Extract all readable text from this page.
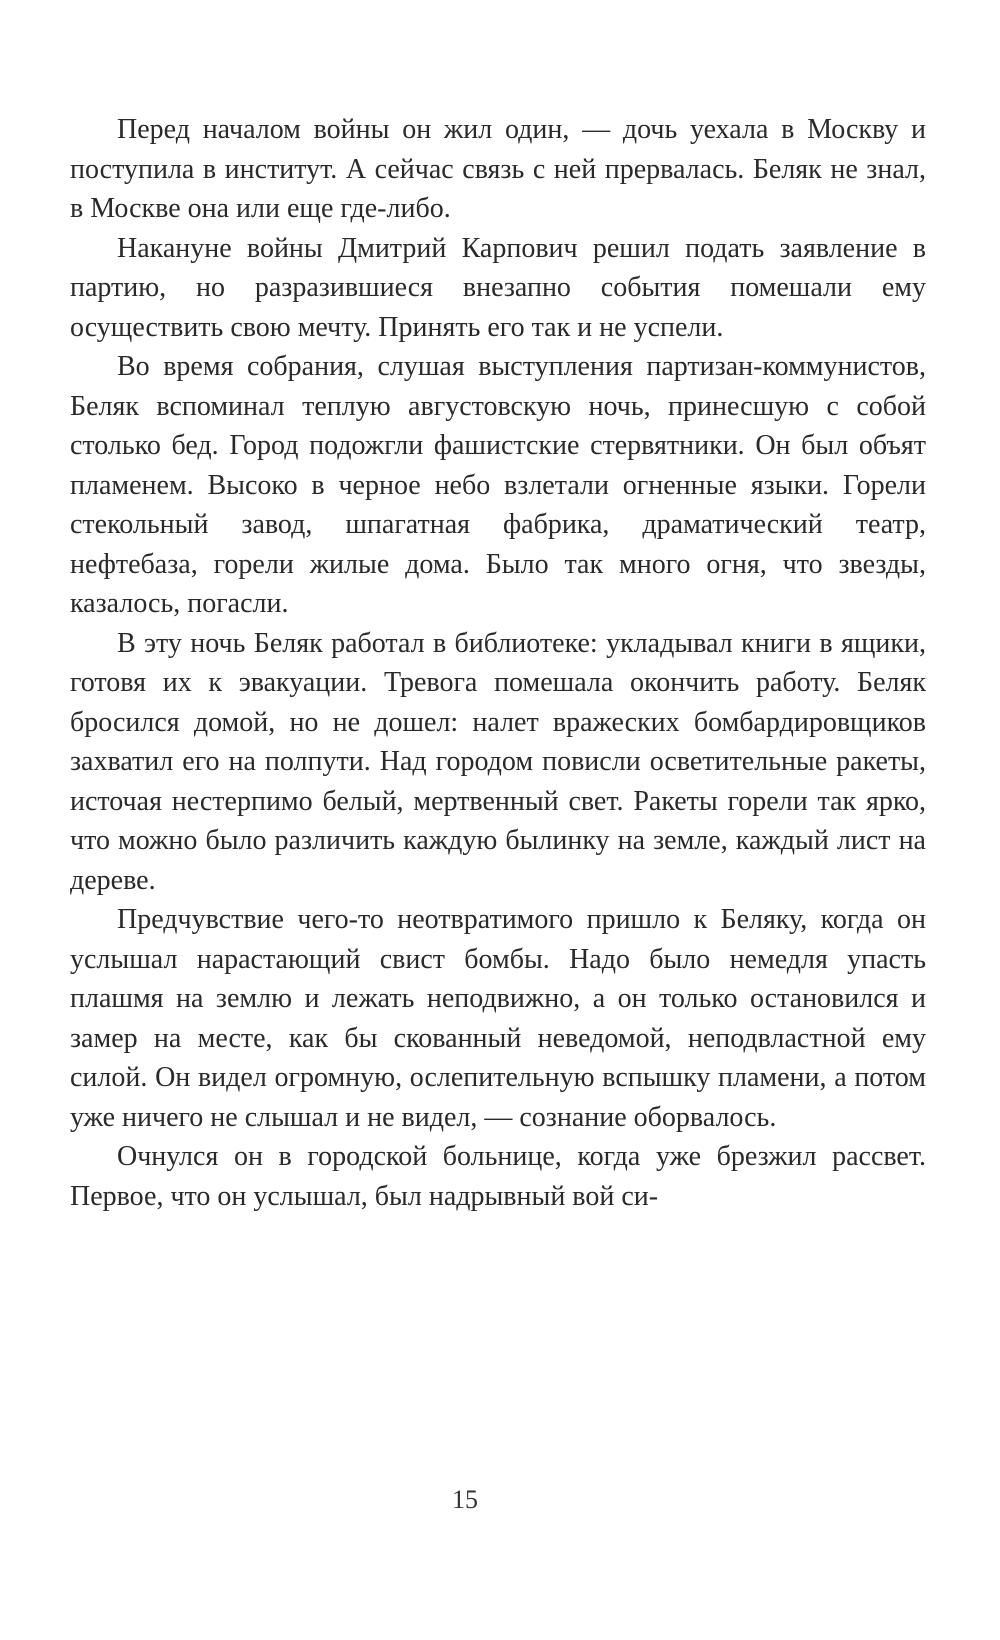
Перед началом войны он жил один, — дочь уехала в Москву и поступила в институт. А сейчас связь с ней прервалась. Беляк не знал, в Москве она или еще где-либо.

Накануне войны Дмитрий Карпович решил подать заявление в партию, но разразившиеся внезапно события помешали ему осуществить свою мечту. Принять его так и не успели.

Во время собрания, слушая выступления партизан-коммунистов, Беляк вспоминал теплую августовскую ночь, принесшую с собой столько бед. Город подожгли фашистские стервятники. Он был объят пламенем. Высоко в черное небо взлетали огненные языки. Горели стекольный завод, шпагатная фабрика, драматический театр, нефтебаза, горели жилые дома. Было так много огня, что звезды, казалось, погасли.

В эту ночь Беляк работал в библиотеке: укладывал книги в ящики, готовя их к эвакуации. Тревога помешала окончить работу. Беляк бросился домой, но не дошел: налет вражеских бомбардировщиков захватил его на полпути. Над городом повисли осветительные ракеты, источая нестерпимо белый, мертвенный свет. Ракеты горели так ярко, что можно было различить каждую былинку на земле, каждый лист на дереве.

Предчувствие чего-то неотвратимого пришло к Беляку, когда он услышал нарастающий свист бомбы. Надо было немедля упасть плашмя на землю и лежать неподвижно, а он только остановился и замер на месте, как бы скованный неведомой, неподвластной ему силой. Он видел огромную, ослепительную вспышку пламени, а потом уже ничего не слышал и не видел, — сознание оборвалось.

Очнулся он в городской больнице, когда уже брезжил рассвет. Первое, что он услышал, был надрывный вой си-

15
